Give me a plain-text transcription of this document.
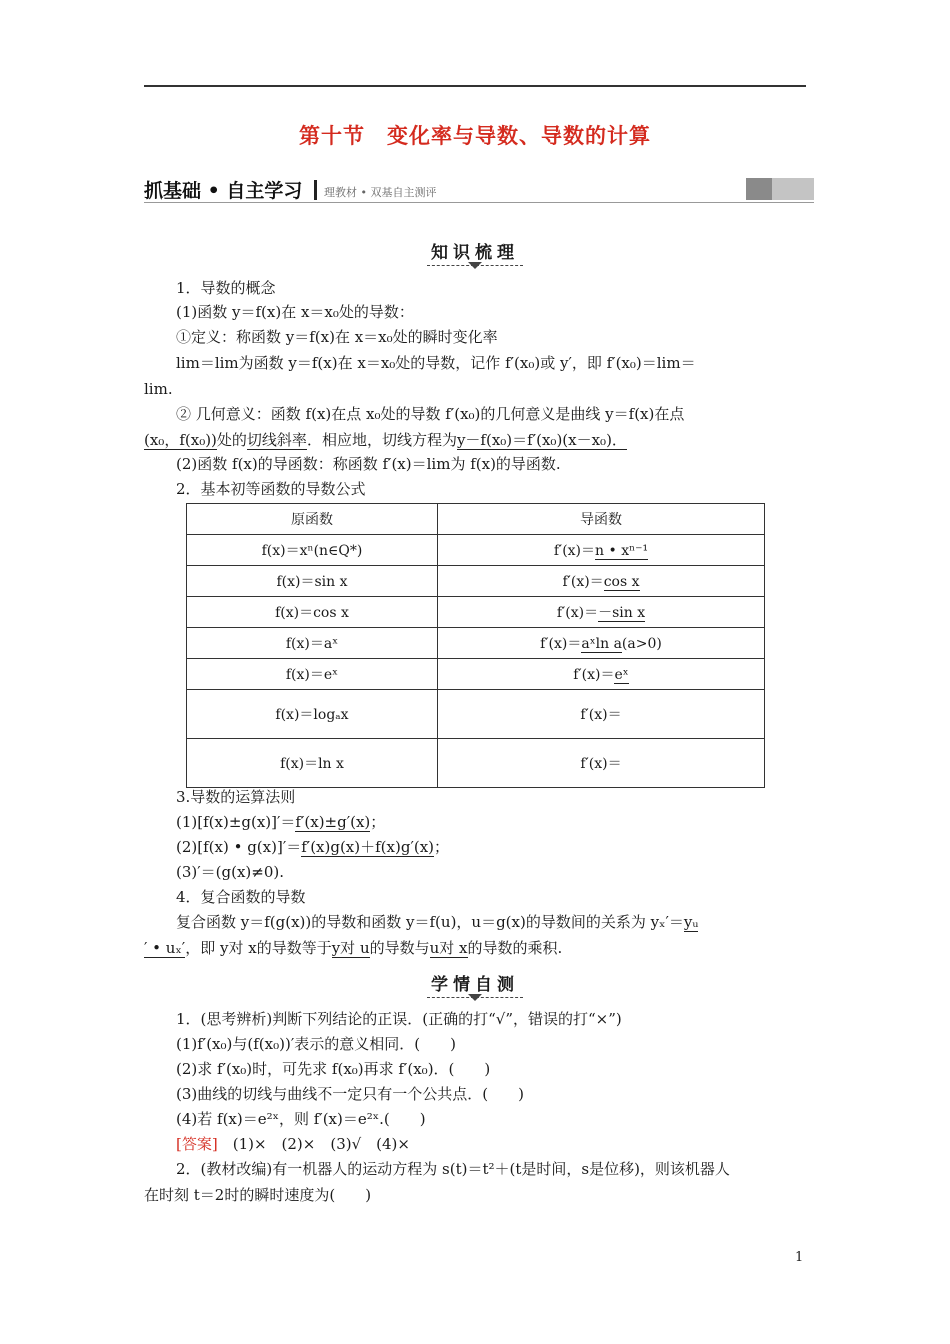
第十节　变化率与导数、导数的计算
抓基础 • 自主学习 理教材 • 双基自主测评
知识梳理
1．导数的概念
(1)函数 y＝f(x)在 x＝x₀处的导数：
①定义：称函数 y＝f(x)在 x＝x₀处的瞬时变化率
lim＝lim为函数 y＝f(x)在 x＝x₀处的导数，记作 f′(x₀)或 y′，即 f′(x₀)＝lim＝
lim.
② 几何意义：函数 f(x)在点 x₀处的导数 f′(x₀)的几何意义是曲线 y＝f(x)在点
(x₀，f(x₀))处的切线斜率．相应地，切线方程为y－f(x₀)＝f′(x₀)(x－x₀)．
(2)函数 f(x)的导函数：称函数 f′(x)＝lim为 f(x)的导函数.
2．基本初等函数的导数公式
原函数	导函数
f(x)＝xⁿ(n∈Q*)	f′(x)＝n • xⁿ⁻¹
f(x)＝sin x	f′(x)＝cos x
f(x)＝cos x	f′(x)＝－sin x
f(x)＝aˣ	f′(x)＝aˣln a(a>0)
f(x)＝eˣ	f′(x)＝eˣ
f(x)＝logₐx	f′(x)＝
f(x)＝ln x	f′(x)＝
3.导数的运算法则
(1)[f(x)±g(x)]′＝f′(x)±g′(x)；
(2)[f(x) • g(x)]′＝f′(x)g(x)＋f(x)g′(x)；
(3)′＝(g(x)≠0).
4．复合函数的导数
复合函数 y＝f(g(x))的导数和函数 y＝f(u)，u＝g(x)的导数间的关系为 yₓ′＝yᵤ
′ • uₓ′，即 y对 x的导数等于y对 u的导数与u对 x的导数的乘积.
学情自测
1．(思考辨析)判断下列结论的正误．(正确的打“√”，错误的打“×”)
(1)f′(x₀)与(f(x₀))′表示的意义相同．(　　)
(2)求 f′(x₀)时，可先求 f(x₀)再求 f′(x₀)．(　　)
(3)曲线的切线与曲线不一定只有一个公共点．(　　)
(4)若 f(x)＝e²ˣ，则 f′(x)＝e²ˣ.(　　)
[答案]　(1)×　(2)×　(3)√　(4)×
2．(教材改编)有一机器人的运动方程为 s(t)＝t²＋(t是时间，s是位移)，则该机器人
在时刻 t＝2时的瞬时速度为(　　)
1
